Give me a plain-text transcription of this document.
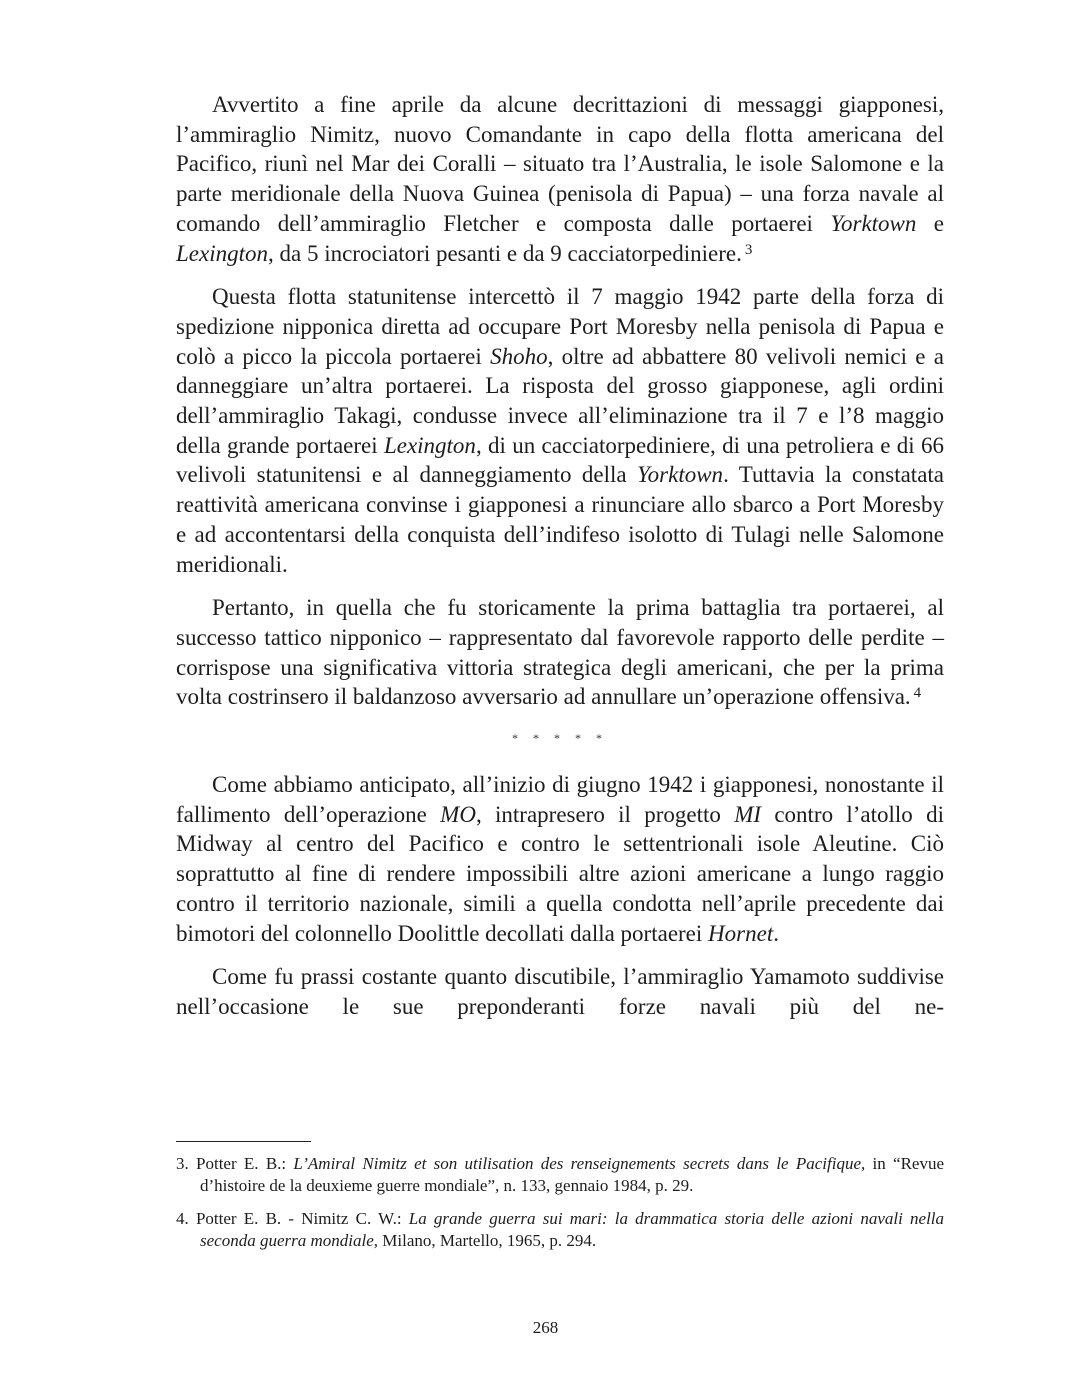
Avvertito a fine aprile da alcune decrittazioni di messaggi giapponesi, l’ammiraglio Nimitz, nuovo Comandante in capo della flotta americana del Pacifico, riunì nel Mar dei Coralli – situato tra l’Australia, le isole Salomone e la parte meridionale della Nuova Guinea (penisola di Papua) – una forza navale al comando dell’ammiraglio Fletcher e composta dalle portaerei Yorktown e Lexington, da 5 incrociatori pesanti e da 9 cacciatorpediniere. $^3$

Questa flotta statunitense intercettò il 7 maggio 1942 parte della forza di spedizione nipponica diretta ad occupare Port Moresby nella penisola di Papua e colò a picco la piccola portaerei Shoho, oltre ad abbattere 80 velivoli nemici e a danneggiare un’altra portaerei. La risposta del grosso giapponese, agli ordini dell’ammiraglio Takagi, condusse invece all’eliminazione tra il 7 e l’8 maggio della grande portaerei Lexington, di un cacciatorpediniere, di una petroliera e di 66 velivoli statunitensi e al danneggiamento della Yorktown. Tuttavia la constatata reattività americana convinse i giapponesi a rinunciare allo sbarco a Port Moresby e ad accontentarsi della conquista dell’indifeso isolotto di Tulagi nelle Salomone meridionali.

Pertanto, in quella che fu storicamente la prima battaglia tra portaerei, al successo tattico nipponico – rappresentato dal favorevole rapporto delle perdite – corrispose una significativa vittoria strategica degli americani, che per la prima volta costrinsero il baldanzoso avversario ad annullare un’operazione offensiva. $^4$

* * * * *

Come abbiamo anticipato, all’inizio di giugno 1942 i giapponesi, nonostante il fallimento dell’operazione MO, intrapresero il progetto MI contro l’atollo di Midway al centro del Pacifico e contro le settentrionali isole Aleutine. Ciò soprattutto al fine di rendere impossibili altre azioni americane a lungo raggio contro il territorio nazionale, simili a quella condotta nell’aprile precedente dai bimotori del colonnello Doolittle decollati dalla portaerei Hornet.

Come fu prassi costante quanto discutibile, l’ammiraglio Yamamoto suddivise nell’occasione le sue preponderanti forze navali più del ne-

3. Potter E. B.: L’Amiral Nimitz et son utilisation des renseignements secrets dans le Pacifique, in “Revue d’histoire de la deuxieme guerre mondiale”, n. 133, gennaio 1984, p. 29.

4. Potter E. B. - Nimitz C. W.: La grande guerra sui mari: la drammatica storia delle azioni navali nella seconda guerra mondiale, Milano, Martello, 1965, p. 294.

268
